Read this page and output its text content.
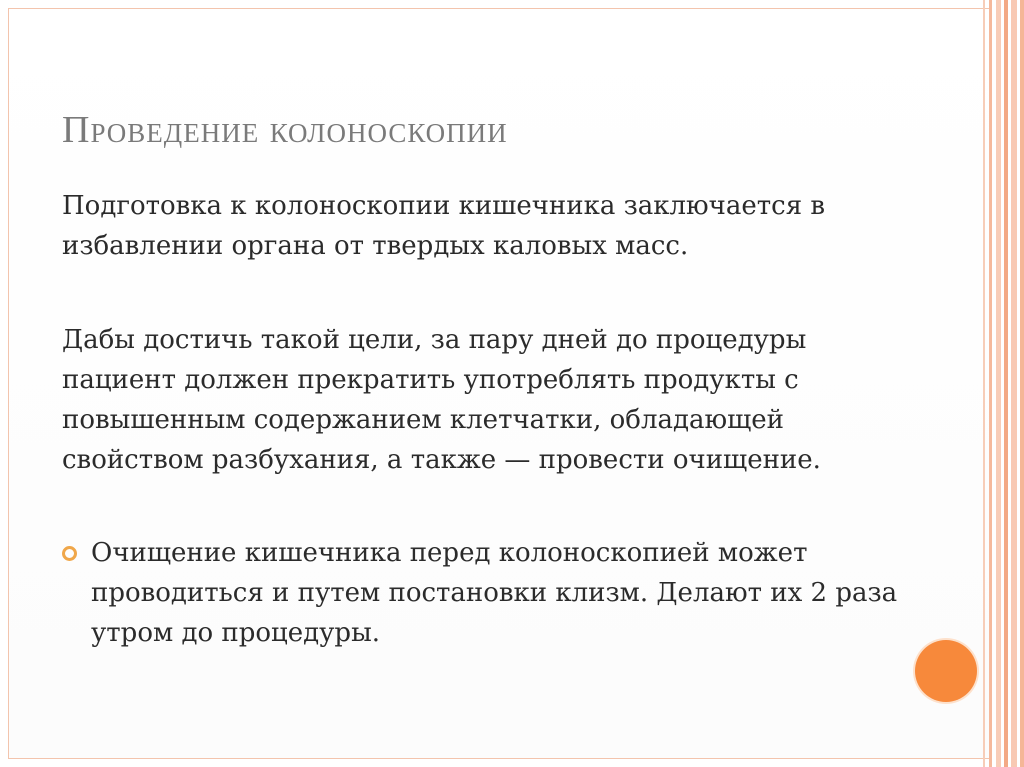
Проведение колоноскопии
Подготовка к колоноскопии кишечника заключается в избавлении органа от твердых каловых масс.
Дабы достичь такой цели, за пару дней до процедуры пациент должен прекратить употреблять продукты с повышенным содержанием клетчатки, обладающей свойством разбухания, а также — провести очищение.
Очищение кишечника перед колоноскопией может проводиться и путем постановки клизм. Делают их 2 раза утром до процедуры.
